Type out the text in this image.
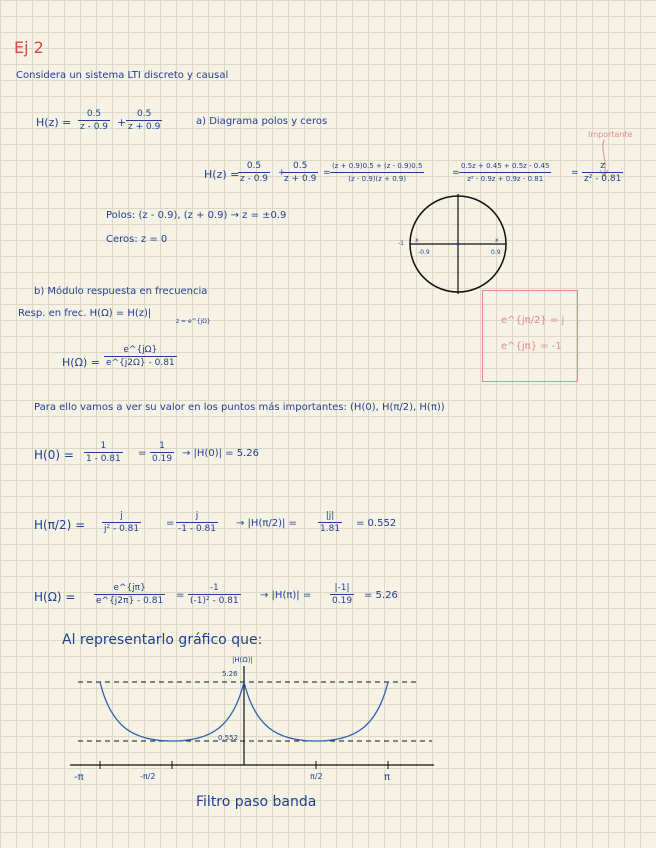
Ej 2
Considera un sistema LTI discreto y causal
$H(z) = \frac{0.5}{z - 0.9} + \frac{0.5}{z + 0.9}$	a) Diagrama polos y ceros
Importante
H(z) =
$\frac{0.5}{z - 0.9}$ +
$\frac{0.5}{z + 0.9} = \frac{(z + 0.9)0.5 + (z - 0.9)0.5}{(z - 0.9)(z + 0.9)}$	= $\frac{0.5z + 0.45 + 0.5z - 0.45}{\text{z² - 0.9z + 0.9z - 0.81}} = \frac{z}{\text{z² - 0.81}}$
Polos: (z - 0.9), (z + 0.9) → z = ±0.9
Ceros: z = 0	x	x
-1
-0.9	0.9
e^{jπ/2} = j
e^{jπ} = -1
b) Módulo respuesta en frecuencia
Resp. en frec. H(Ω) = H(z)|
z = e^{jΩ}
$H(\Omega) = \frac{e\^{}\{j\Omega\}}{e\^{}\{j2\Omega\} - 0.81}$
Para ello vamos a ver su valor en los puntos más importantes: (H(0), H(π/2), H(π))
$H(0) = \frac{1}{1 - 0.81} = \frac{1}{0.19} \to |H(0)| = 5.26$
$H(\pi/2) = \frac{j}{\text{j² - 0.81}} = \frac{j}{-1 - 0.81} \to |H(\pi/2)| = \frac{|j|}{1.81} = 0.552$
$H(\Omega) = \frac{e\^{}\{j\pi\}}{e\^{}\{j2\pi\} - 0.81} = \frac{-1}{\text{(-1)² - 0.81}} \to |H(\pi)| = \frac{|-1|}{0.19} = 5.26$
Al representarlo gráfico que:
|H(Ω)|
5.26
0.552
-π	-π/2	π/2	π
Filtro paso banda
